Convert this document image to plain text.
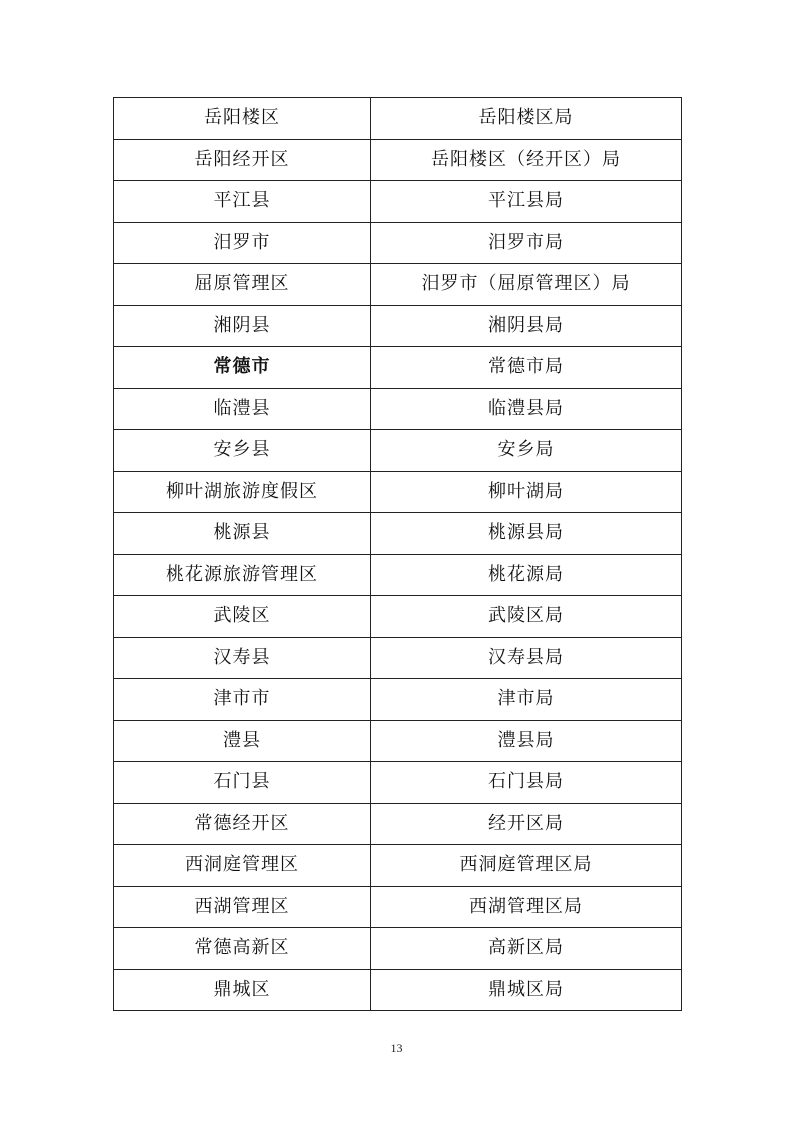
岳阳楼区	岳阳楼区局
岳阳经开区	岳阳楼区（经开区）局
平江县	平江县局
汨罗市	汨罗市局
屈原管理区	汨罗市（屈原管理区）局
湘阴县	湘阴县局
常德市	常德市局
临澧县	临澧县局
安乡县	安乡局
柳叶湖旅游度假区	柳叶湖局
桃源县	桃源县局
桃花源旅游管理区	桃花源局
武陵区	武陵区局
汉寿县	汉寿县局
津市市	津市局
澧县	澧县局
石门县	石门县局
常德经开区	经开区局
西洞庭管理区	西洞庭管理区局
西湖管理区	西湖管理区局
常德高新区	高新区局
鼎城区	鼎城区局
13
